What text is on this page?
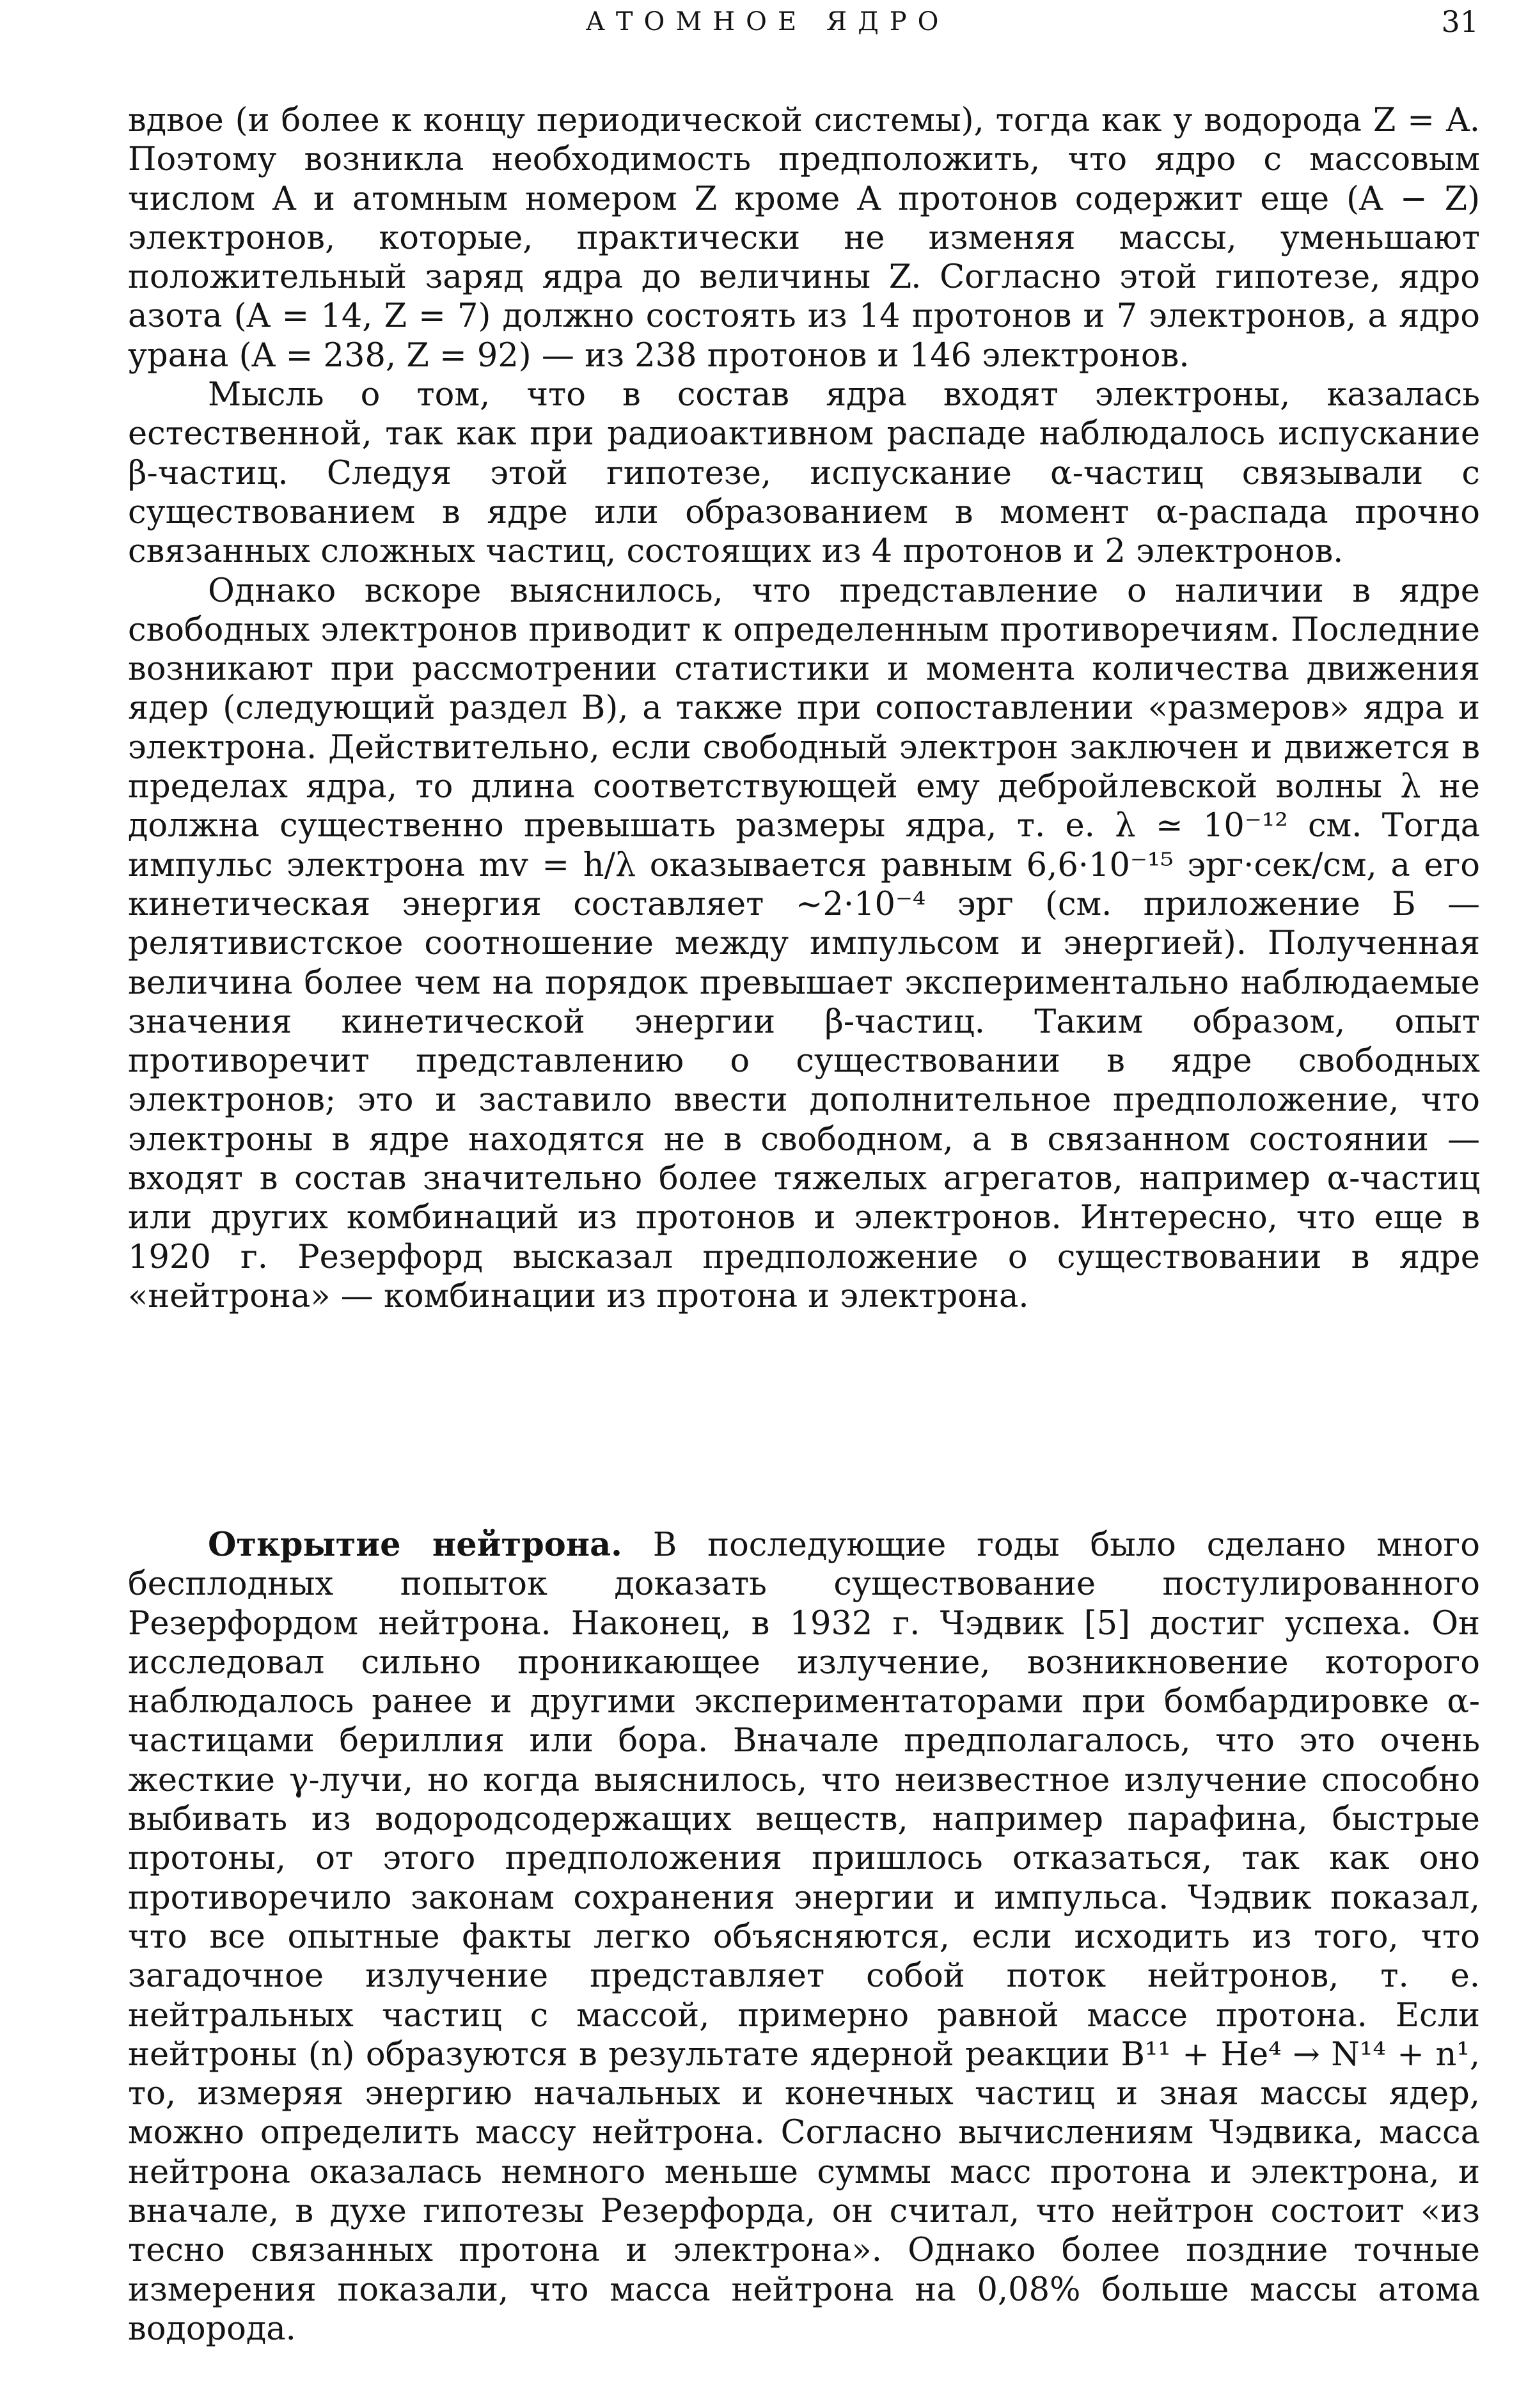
АТОМНОЕ ЯДРО	31

вдвое (и более к концу периодической системы), тогда как у водорода Z = A. Поэтому возникла необходимость предположить, что ядро с массовым числом A и атомным номером Z кроме A протонов содержит еще (A − Z) электронов, которые, практически не изменяя массы, уменьшают положительный заряд ядра до величины Z. Согласно этой гипотезе, ядро азота (A = 14, Z = 7) должно состоять из 14 протонов и 7 электронов, а ядро урана (A = 238, Z = 92) — из 238 протонов и 146 электронов.

Мысль о том, что в состав ядра входят электроны, казалась естественной, так как при радиоактивном распаде наблюдалось испускание β-частиц. Следуя этой гипотезе, испускание α-частиц связывали с существованием в ядре или образованием в момент α-распада прочно связанных сложных частиц, состоящих из 4 протонов и 2 электронов.

Однако вскоре выяснилось, что представление о наличии в ядре свободных электронов приводит к определенным противоречиям. Последние возникают при рассмотрении статистики и момента количества движения ядер (следующий раздел В), а также при сопоставлении «размеров» ядра и электрона. Действительно, если свободный электрон заключен и движется в пределах ядра, то длина соответствующей ему дебройлевской волны λ не должна существенно превышать размеры ядра, т. е. λ ≃ 10⁻¹² см. Тогда импульс электрона mv = h/λ оказывается равным 6,6·10⁻¹⁵ эрг·сек/см, а его кинетическая энергия составляет ∼2·10⁻⁴ эрг (см. приложение Б — релятивистское соотношение между импульсом и энергией). Полученная величина более чем на порядок превышает экспериментально наблюдаемые значения кинетической энергии β-частиц. Таким образом, опыт противоречит представлению о существовании в ядре свободных электронов; это и заставило ввести дополнительное предположение, что электроны в ядре находятся не в свободном, а в связанном состоянии — входят в состав значительно более тяжелых агрегатов, например α-частиц или других комбинаций из протонов и электронов. Интересно, что еще в 1920 г. Резерфорд высказал предположение о существовании в ядре «нейтрона» — комбинации из протона и электрона.

Открытие нейтрона. В последующие годы было сделано много бесплодных попыток доказать существование постулированного Резерфордом нейтрона. Наконец, в 1932 г. Чэдвик [5] достиг успеха. Он исследовал сильно проникающее излучение, возникновение которого наблюдалось ранее и другими экспериментаторами при бомбардировке α-частицами бериллия или бора. Вначале предполагалось, что это очень жесткие γ-лучи, но когда выяснилось, что неизвестное излучение способно выбивать из водородсодержащих веществ, например парафина, быстрые протоны, от этого предположения пришлось отказаться, так как оно противоречило законам сохранения энергии и импульса. Чэдвик показал, что все опытные факты легко объясняются, если исходить из того, что загадочное излучение представляет собой поток нейтронов, т. е. нейтральных частиц с массой, примерно равной массе протона. Если нейтроны (n) образуются в результате ядерной реакции B¹¹ + He⁴ → N¹⁴ + n¹, то, измеряя энергию начальных и конечных частиц и зная массы ядер, можно определить массу нейтрона. Согласно вычислениям Чэдвика, масса нейтрона оказалась немного меньше суммы масс протона и электрона, и вначале, в духе гипотезы Резерфорда, он считал, что нейтрон состоит «из тесно связанных протона и электрона». Однако более поздние точные измерения показали, что масса нейтрона на 0,08% больше массы атома водорода.
